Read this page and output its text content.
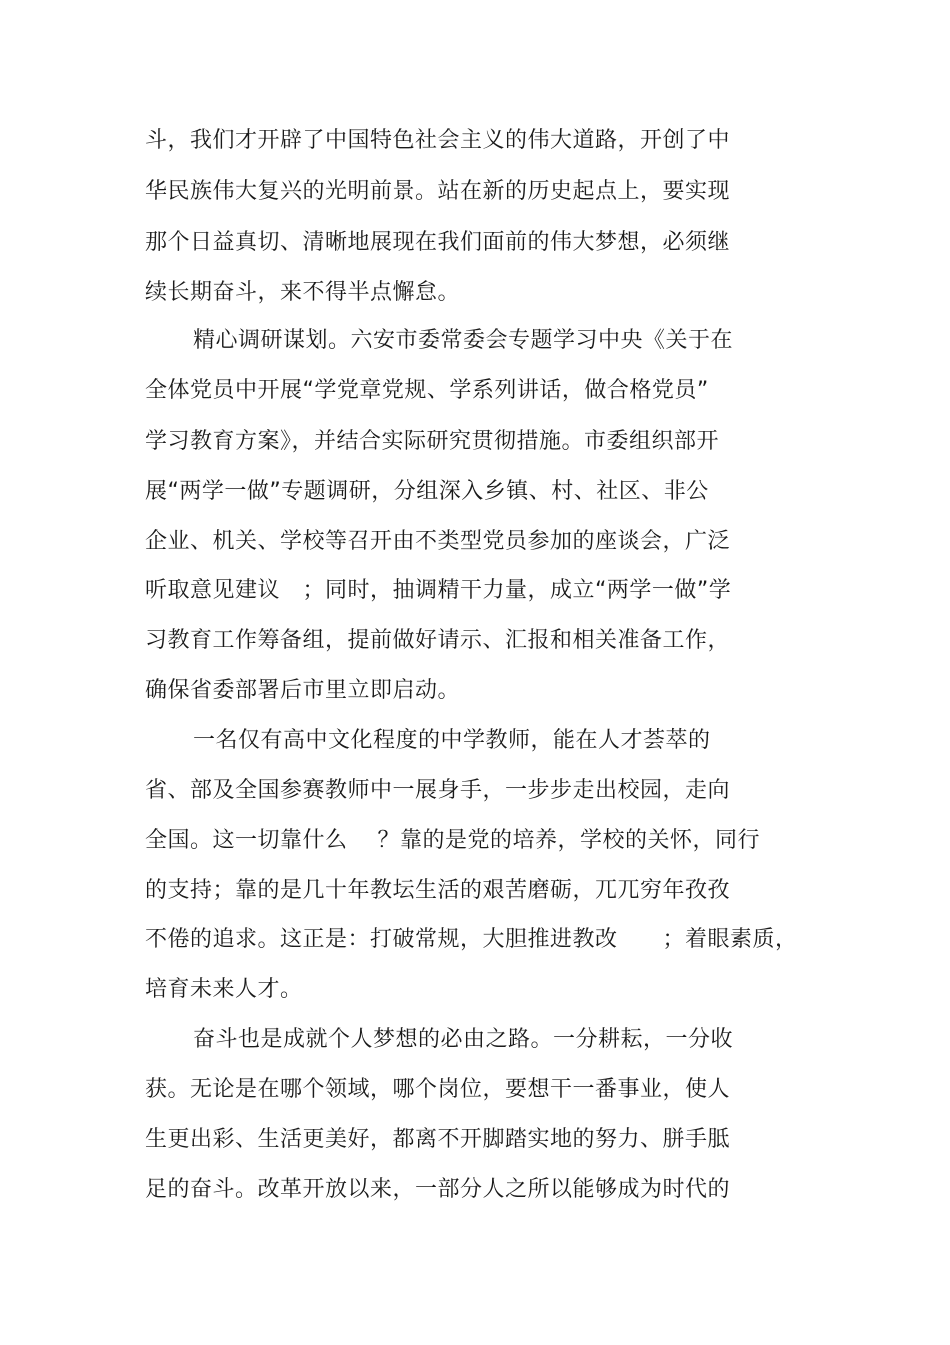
斗，我们才开辟了中国特色社会主义的伟大道路，开创了中

华民族伟大复兴的光明前景。站在新的历史起点上，要实现

那个日益真切、清晰地展现在我们面前的伟大梦想，必须继

续长期奋斗，来不得半点懈怠。

精心调研谋划。六安市委常委会专题学习中央《关于在

全体党员中开展“学党章党规、学系列讲话，做合格党员”

学习教育方案》，并结合实际研究贯彻措施。市委组织部开

展“两学一做”专题调研，分组深入乡镇、村、社区、非公

企业、机关、学校等召开由不类型党员参加的座谈会，广泛

听取意见建议　；同时，抽调精干力量，成立“两学一做”学

习教育工作筹备组，提前做好请示、汇报和相关准备工作，

确保省委部署后市里立即启动。

一名仅有高中文化程度的中学教师，能在人才荟萃的

省、部及全国参赛教师中一展身手，一步步走出校园，走向

全国。这一切靠什么　 ？靠的是党的培养，学校的关怀，同行

的支持；靠的是几十年教坛生活的艰苦磨砺，兀兀穷年孜孜

不倦的追求。这正是：打破常规，大胆推进教改　　；着眼素质，

培育未来人才。

奋斗也是成就个人梦想的必由之路。一分耕耘，一分收

获。无论是在哪个领域，哪个岗位，要想干一番事业，使人

生更出彩、生活更美好，都离不开脚踏实地的努力、胼手胝

足的奋斗。改革开放以来，一部分人之所以能够成为时代的
